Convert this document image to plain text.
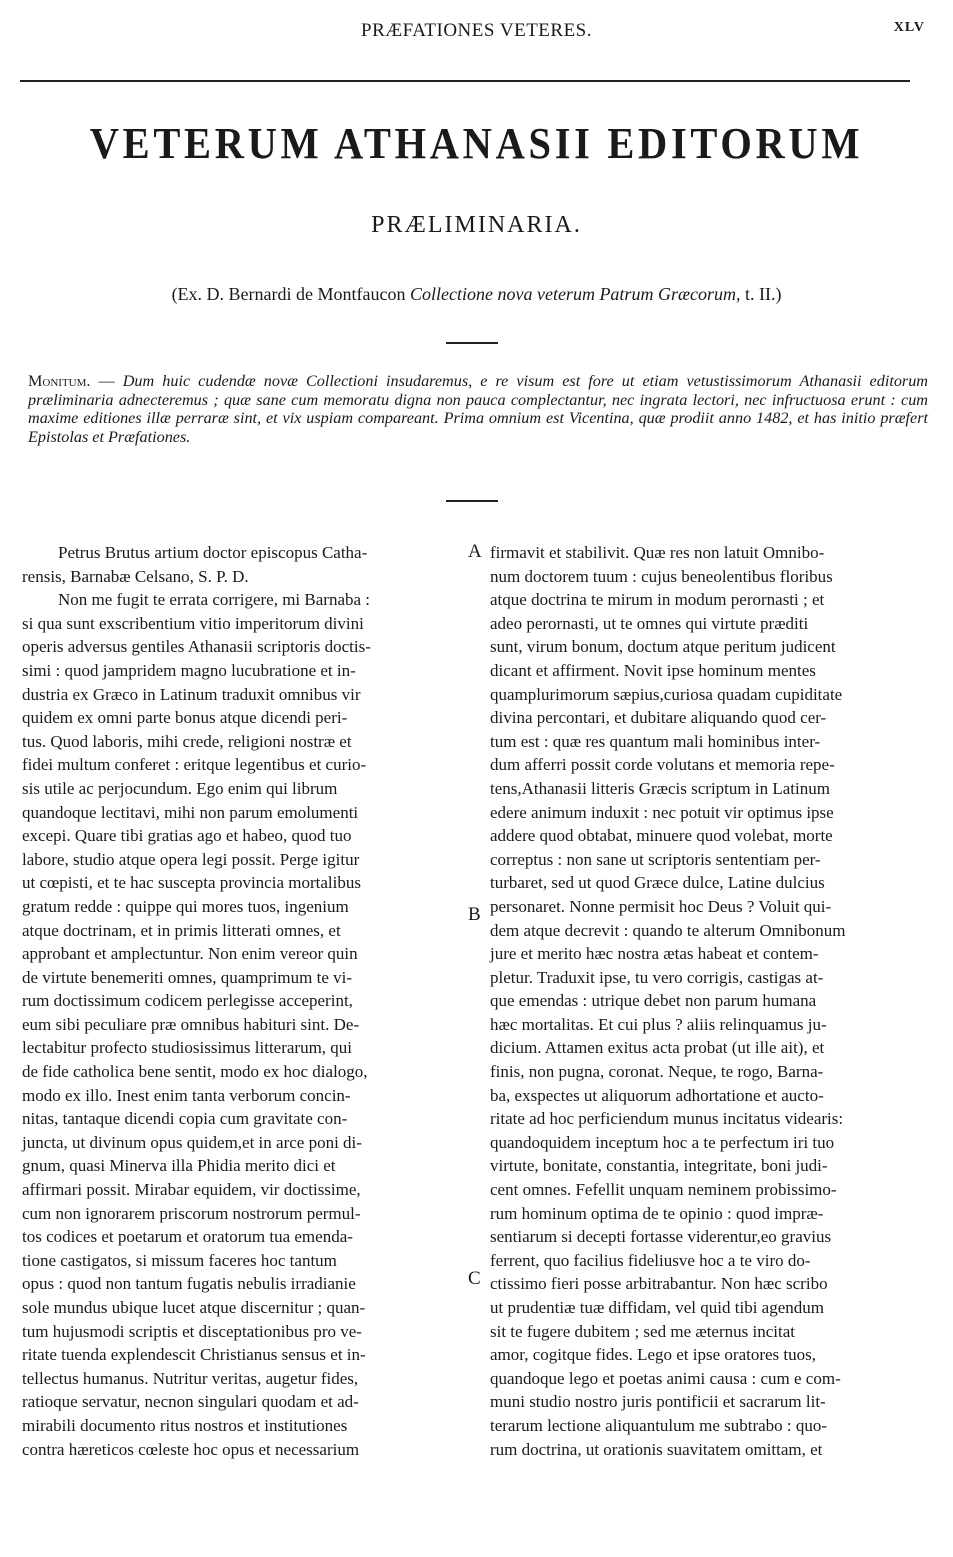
PRÆFATIONES VETERES.	XLV
VETERUM ATHANASII EDITORUM
PRÆLIMINARIA.
(Ex. D. Bernardi de Montfaucon Collectione nova veterum Patrum Græcorum, t. II.)
Monitum. — Dum huic cudendæ novæ Collectioni insudaremus, e re visum est fore ut etiam vetustissimorum Athanasii editorum præliminaria adnecteremus ; quæ sane cum memoratu digna non pauca complectantur, nec ingrata lectori, nec infructuosa erunt : cum maxime editiones illæ perraræ sint, et vix uspiam compareant. Prima omnium est Vicentina, quæ prodiit anno 1482, et has initio præfert Epistolas et Præfationes.
Petrus Brutus artium doctor episcopus Catha-
rensis, Barnabæ Celsano, S. P. D.
Non me fugit te errata corrigere, mi Barnaba :
si qua sunt exscribentium vitio imperitorum divini
operis adversus gentiles Athanasii scriptoris doctis-
simi : quod jampridem magno lucubratione et in-
dustria ex Græco in Latinum traduxit omnibus vir
quidem ex omni parte bonus atque dicendi peri-
tus. Quod laboris, mihi crede, religioni nostræ et
fidei multum conferet : eritque legentibus et curio-
sis utile ac perjocundum. Ego enim qui librum
quandoque lectitavi, mihi non parum emolumenti
excepi. Quare tibi gratias ago et habeo, quod tuo
labore, studio atque opera legi possit. Perge igitur
ut cœpisti, et te hac suscepta provincia mortalibus
gratum redde : quippe qui mores tuos, ingenium
atque doctrinam, et in primis litterati omnes, et
approbant et amplectuntur. Non enim vereor quin
de virtute benemeriti omnes, quamprimum te vi-
rum doctissimum codicem perlegisse acceperint,
eum sibi peculiare præ omnibus habituri sint. De-
lectabitur profecto studiosissimus litterarum, qui
de fide catholica bene sentit, modo ex hoc dialogo,
modo ex illo. Inest enim tanta verborum concin-
nitas, tantaque dicendi copia cum gravitate con-
juncta, ut divinum opus quidem,et in arce poni di-
gnum, quasi Minerva illa Phidia merito dici et
affirmari possit. Mirabar equidem, vir doctissime,
cum non ignorarem priscorum nostrorum permul-
tos codices et poetarum et oratorum tua emenda-
tione castigatos, si missum faceres hoc tantum
opus : quod non tantum fugatis nebulis irradianie
sole mundus ubique lucet atque discernitur ; quan-
tum hujusmodi scriptis et disceptationibus pro ve-
ritate tuenda explendescit Christianus sensus et in-
tellectus humanus. Nutritur veritas, augetur fides,
ratioque servatur, necnon singulari quodam et ad-
mirabili documento ritus nostros et institutiones
contra hæreticos cœleste hoc opus et necessarium
firmavit et stabilivit. Quæ res non latuit Omnibo-
num doctorem tuum : cujus beneolentibus floribus
atque doctrina te mirum in modum perornasti ; et
adeo perornasti, ut te omnes qui virtute præditi
sunt, virum bonum, doctum atque peritum judicent
dicant et affirment. Novit ipse hominum mentes
quamplurimorum sæpius,curiosa quadam cupiditate
divina percontari, et dubitare aliquando quod cer-
tum est : quæ res quantum mali hominibus inter-
dum afferri possit corde volutans et memoria repe-
tens,Athanasii litteris Græcis scriptum in Latinum
edere animum induxit : nec potuit vir optimus ipse
addere quod obtabat, minuere quod volebat, morte
correptus : non sane ut scriptoris sententiam per-
turbaret, sed ut quod Græce dulce, Latine dulcius
personaret. Nonne permisit hoc Deus ? Voluit qui-
dem atque decrevit : quando te alterum Omnibonum
jure et merito hæc nostra ætas habeat et contem-
pletur. Traduxit ipse, tu vero corrigis, castigas at-
que emendas : utrique debet non parum humana
hæc mortalitas. Et cui plus ? aliis relinquamus ju-
dicium. Attamen exitus acta probat (ut ille ait), et
finis, non pugna, coronat. Neque, te rogo, Barna-
ba, exspectes ut aliquorum adhortatione et aucto-
ritate ad hoc perficiendum munus incitatus videaris:
quandoquidem inceptum hoc a te perfectum iri tuo
virtute, bonitate, constantia, integritate, boni judi-
cent omnes. Fefellit unquam neminem probissimo-
rum hominum optima de te opinio : quod impræ-
sentiarum si decepti fortasse viderentur,eo gravius
ferrent, quo facilius fideliusve hoc a te viro do-
ctissimo fieri posse arbitrabantur. Non hæc scribo
ut prudentiæ tuæ diffidam, vel quid tibi agendum
sit te fugere dubitem ; sed me æternus incitat
amor, cogitque fides. Lego et ipse oratores tuos,
quandoque lego et poetas animi causa : cum e com-
muni studio nostro juris pontificii et sacrarum lit-
terarum lectione aliquantulum me subtrabo : quo-
rum doctrina, ut orationis suavitatem omittam, et
A
B
C
